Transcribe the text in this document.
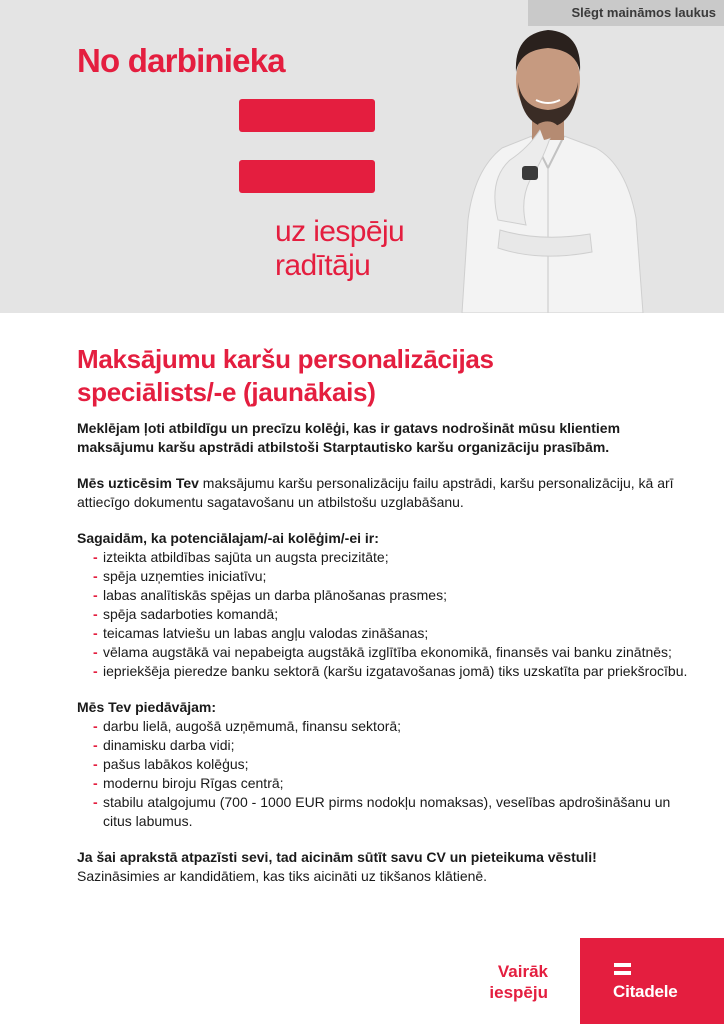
Slēgt maināmos laukus
No darbinieka
uz iespēju
radītāju
Maksājumu karšu personalizācijas
speciālists/-e (jaunākais)

Meklējam ļoti atbildīgu un precīzu kolēģi, kas ir gatavs nodrošināt mūsu klientiem maksājumu karšu apstrādi atbilstoši Starptautisko karšu organizāciju prasībām.

Mēs uzticēsim Tev maksājumu karšu personalizāciju failu apstrādi, karšu personalizāciju, kā arī attiecīgo dokumentu sagatavošanu un atbilstošu uzglabāšanu.

Sagaidām, ka potenciālajam/-ai kolēģim/-ei ir:

- izteikta atbildības sajūta un augsta precizitāte;
- spēja uzņemties iniciatīvu;
- labas analītiskās spējas un darba plānošanas prasmes;
- spēja sadarboties komandā;
- teicamas latviešu un labas angļu valodas zināšanas;
- vēlama augstākā vai nepabeigta augstākā izglītība ekonomikā, finansēs vai banku zinātnēs;
- iepriekšēja pieredze banku sektorā (karšu izgatavošanas jomā) tiks uzskatīta par priekšrocību.

Mēs Tev piedāvājam:

- darbu lielā, augošā uzņēmumā, finansu sektorā;
- dinamisku darba vidi;
- pašus labākos kolēģus;
- modernu biroju Rīgas centrā;
- stabilu atalgojumu (700 - 1000 EUR pirms nodokļu nomaksas), veselības apdrošināšanu un citus labumus.

Ja šai aprakstā atpazīsti sevi, tad aicinām sūtīt savu CV un pieteikuma vēstuli!

Sazināsimies ar kandidātiem, kas tiks aicināti uz tikšanos klātienē.

Vairāk
iespēju	Citadele
